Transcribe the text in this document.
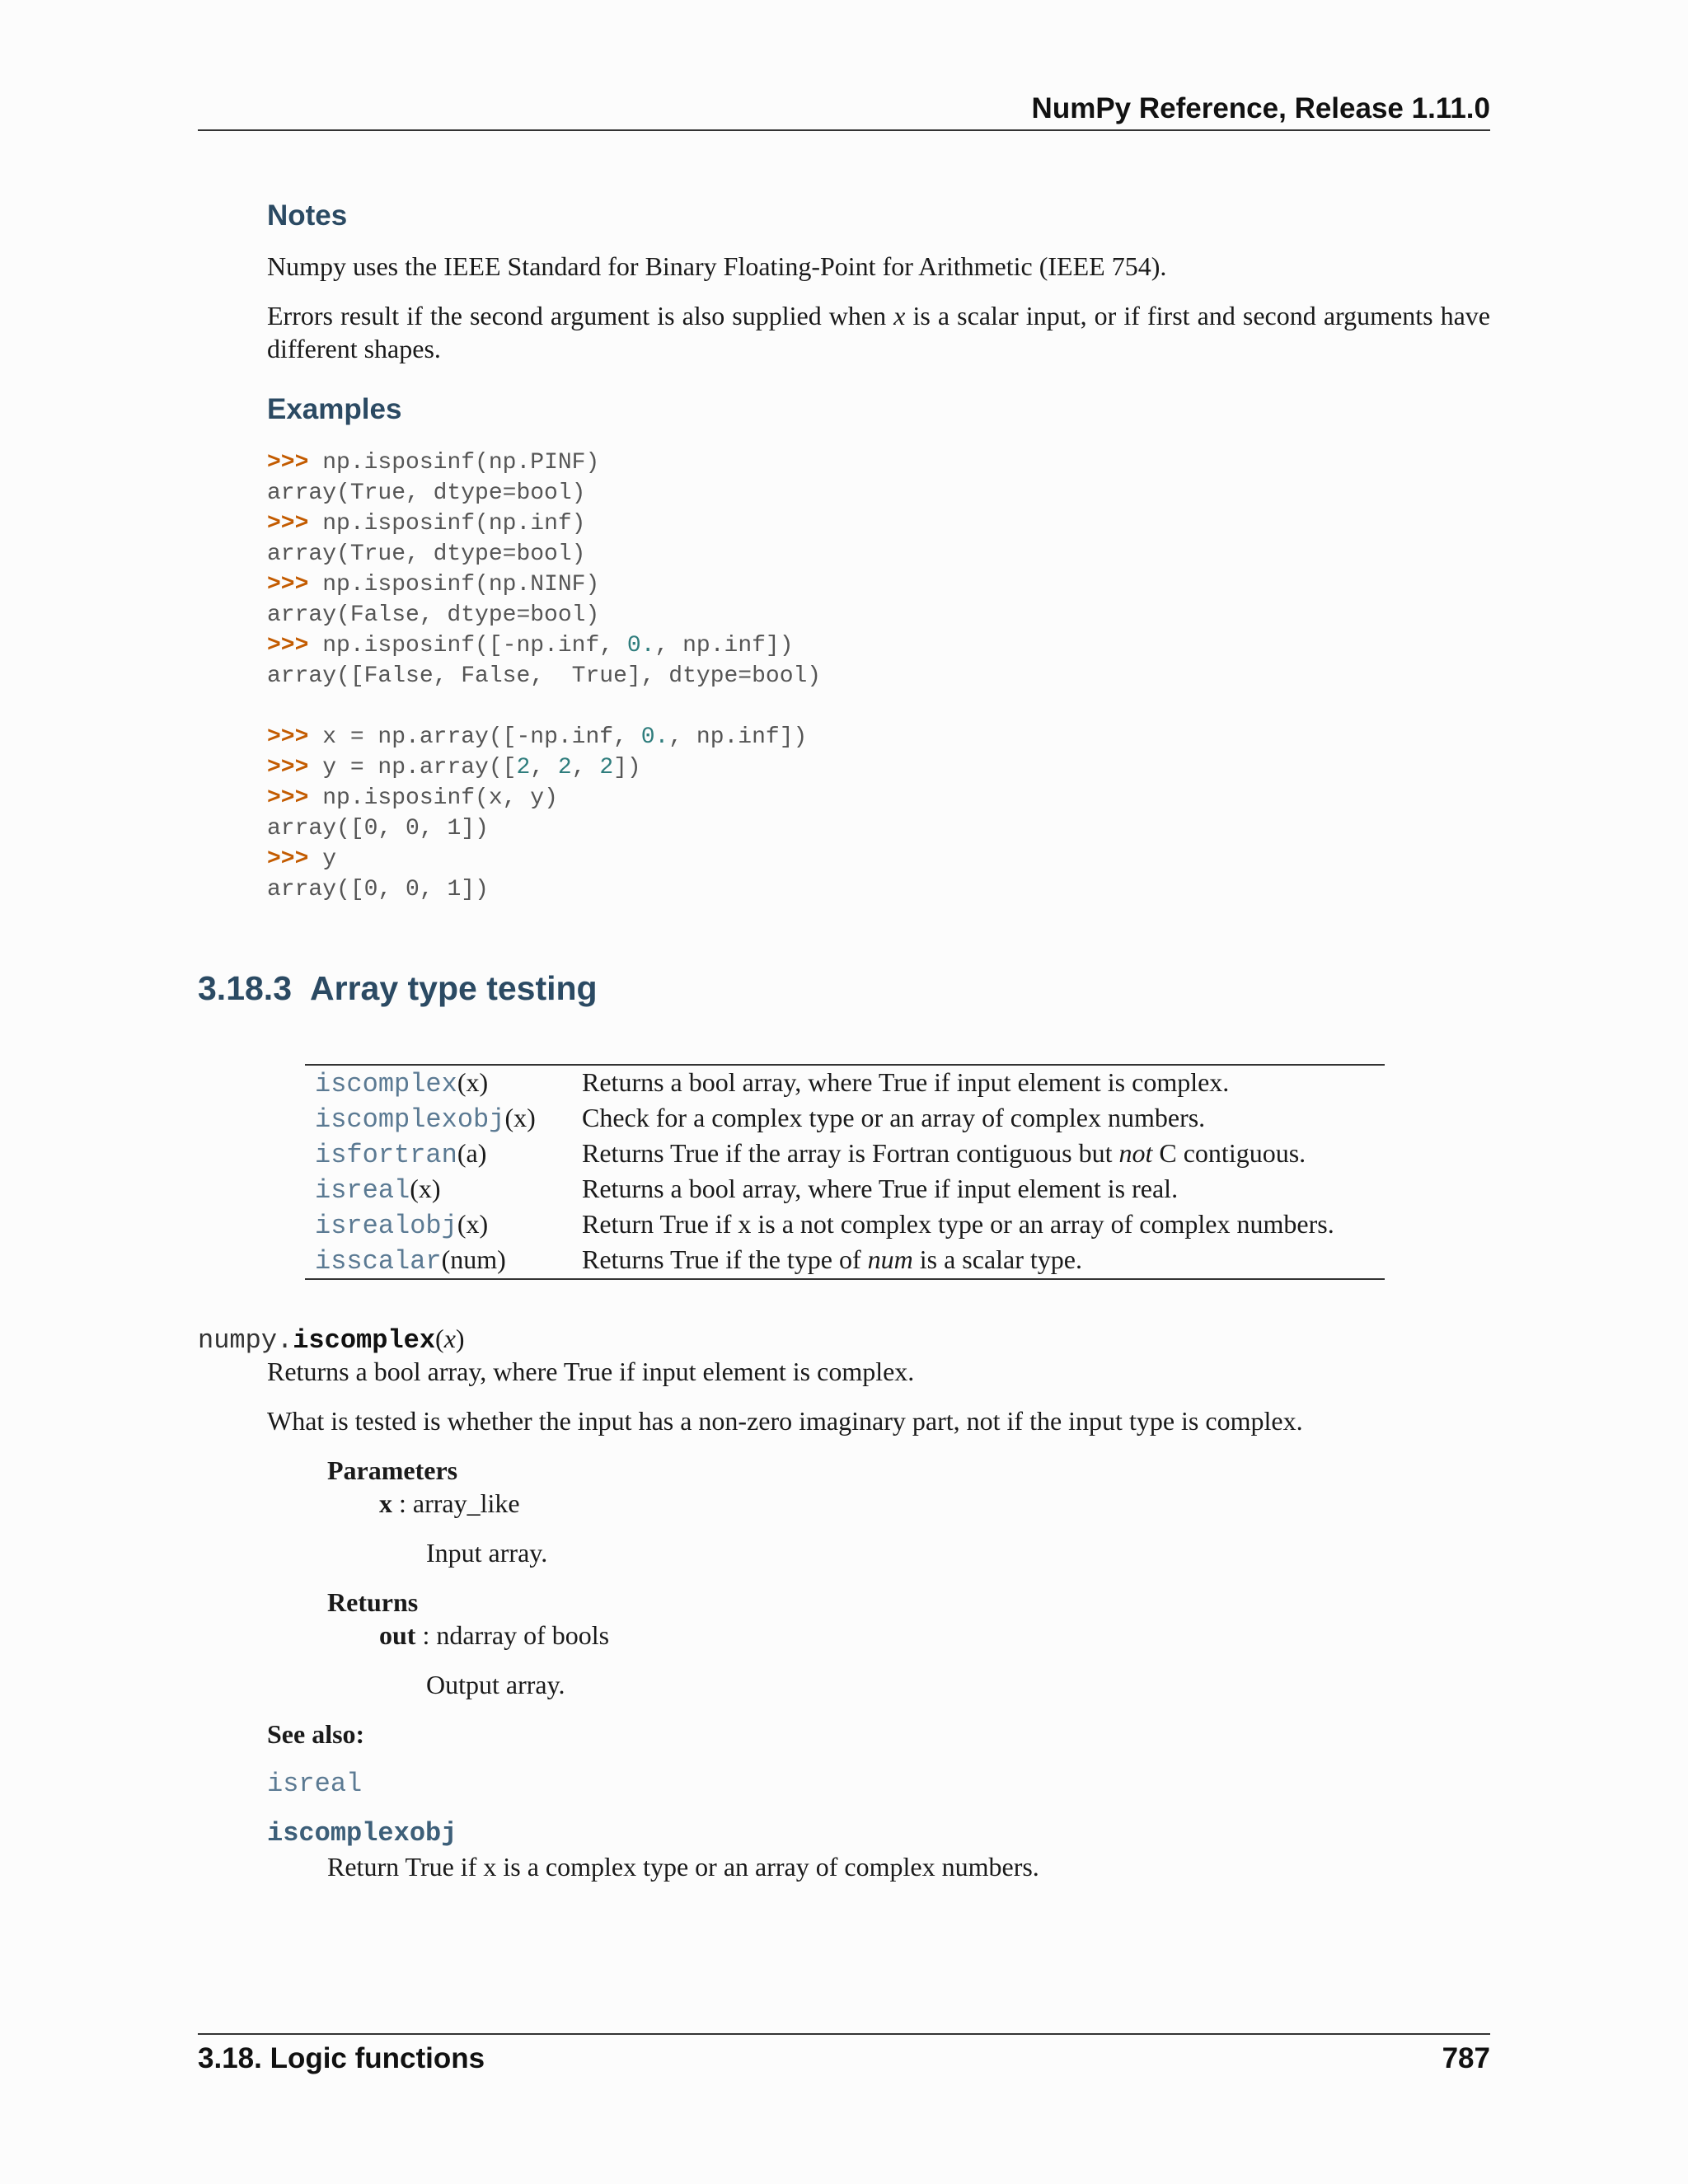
NumPy Reference, Release 1.11.0
Notes
Numpy uses the IEEE Standard for Binary Floating-Point for Arithmetic (IEEE 754).
Errors result if the second argument is also supplied when x is a scalar input, or if first and second arguments have different shapes.
Examples
>>> np.isposinf(np.PINF)
array(True, dtype=bool)
>>> np.isposinf(np.inf)
array(True, dtype=bool)
>>> np.isposinf(np.NINF)
array(False, dtype=bool)
>>> np.isposinf([-np.inf, 0., np.inf])
array([False, False,  True], dtype=bool)
>>> x = np.array([-np.inf, 0., np.inf])
>>> y = np.array([2, 2, 2])
>>> np.isposinf(x, y)
array([0, 0, 1])
>>> y
array([0, 0, 1])
3.18.3 Array type testing
iscomplex(x)	Returns a bool array, where True if input element is complex.
iscomplexobj(x)	Check for a complex type or an array of complex numbers.
isfortran(a)	Returns True if the array is Fortran contiguous but not C contiguous.
isreal(x)	Returns a bool array, where True if input element is real.
isrealobj(x)	Return True if x is a not complex type or an array of complex numbers.
isscalar(num)	Returns True if the type of num is a scalar type.
numpy.iscomplex(x)
Returns a bool array, where True if input element is complex.
What is tested is whether the input has a non-zero imaginary part, not if the input type is complex.
Parameters
x : array_like
Input array.
Returns
out : ndarray of bools
Output array.
See also:
isreal
iscomplexobj
Return True if x is a complex type or an array of complex numbers.
3.18. Logic functions	787
